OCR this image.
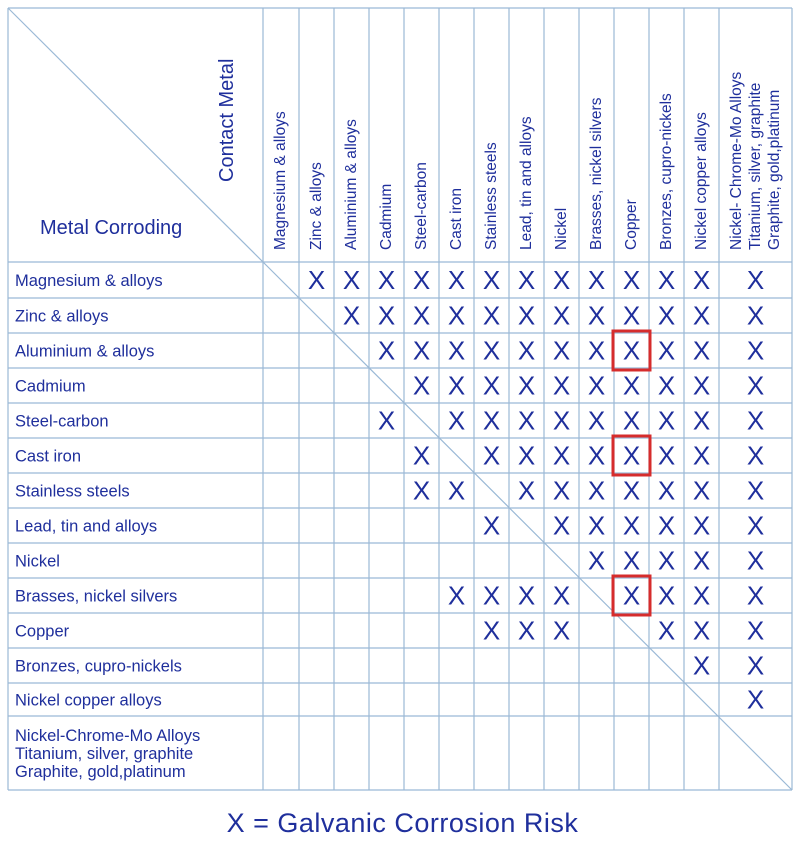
Contact Metal
Metal Corroding	Magnesium & alloys Zinc & alloys Aluminium & alloys Cadmium Steel-carbon Cast iron Stainless steels Lead, tin and alloys Nickel Brasses, nickel silvers Copper Bronzes, cupro-nickels Nickel copper alloys Nickel- Chrome-Mo Alloys Titanium, silver, graphite Graphite, gold,platinum
Magnesium & alloys
Zinc & alloys
Aluminium & alloys
Cadmium
Steel-carbon
Cast iron
Stainless steels
Lead, tin and alloys
Nickel
Brasses, nickel silvers
Copper
Bronzes, cupro-nickels
Nickel copper alloys
Nickel-Chrome-Mo Alloys
Titanium, silver, graphite
Graphite, gold,platinum
X X X X X X X X X X X X X
X X X X X X X X X X X X
X X X X X X X X X X X
X X X X X X X X X X
X X X X X X X X X X
X X X X X X X X X
X X X X X X X X X
X X X X X X X
X X X X X
X X X X X X X X
X X X	X X X
X X
X
X = Galvanic Corrosion Risk
